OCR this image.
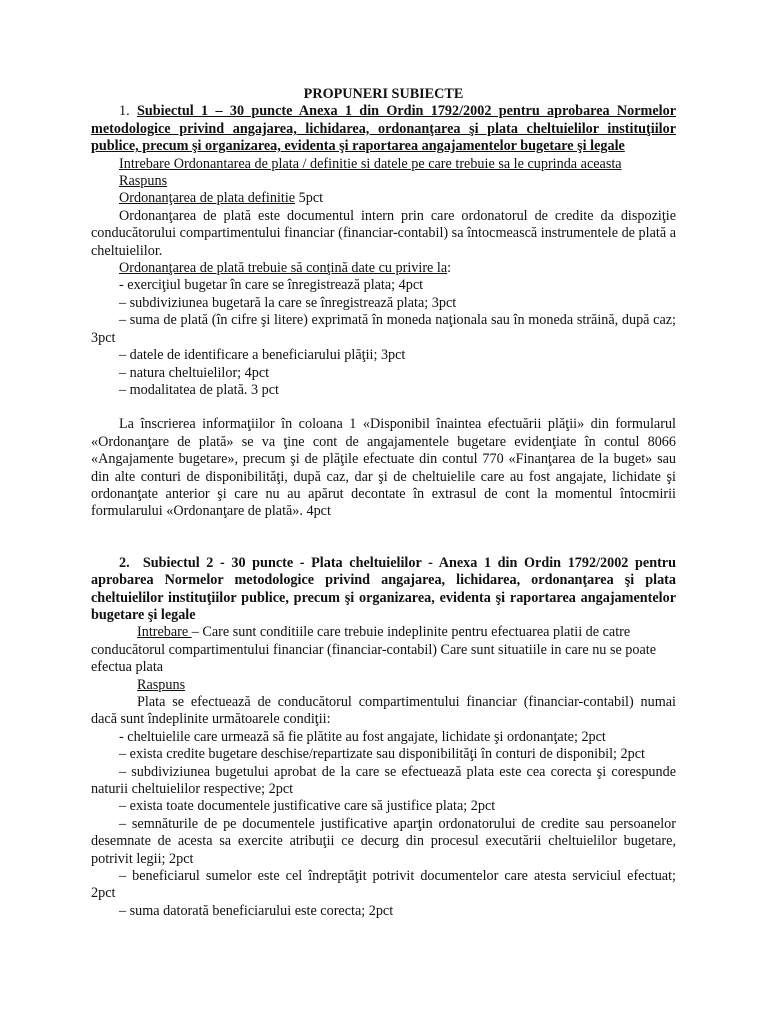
PROPUNERI SUBIECTE

1. Subiectul 1 – 30 puncte Anexa 1 din Ordin 1792/2002 pentru aprobarea Normelor metodologice privind angajarea, lichidarea, ordonanţarea şi plata cheltuielilor instituţiilor publice, precum şi organizarea, evidenta şi raportarea angajamentelor bugetare şi legale

Intrebare Ordonantarea de plata / definitie si datele pe care trebuie sa le cuprinda aceasta

Raspuns

Ordonanţarea de plata definitie 5pct

Ordonanţarea de plată este documentul intern prin care ordonatorul de credite da dispoziţie conducătorului compartimentului financiar (financiar-contabil) sa întocmească instrumentele de plată a cheltuielilor.

Ordonanţarea de plată trebuie să conţină date cu privire la:

- exerciţiul bugetar în care se înregistrează plata; 4pct

– subdiviziunea bugetară la care se înregistrează plata; 3pct

– suma de plată (în cifre şi litere) exprimată în moneda naţionala sau în moneda străină, după caz; 3pct

– datele de identificare a beneficiarului plăţii; 3pct

– natura cheltuielilor; 4pct

– modalitatea de plată. 3 pct

La înscrierea informaţiilor în coloana 1 «Disponibil înaintea efectuării plăţii» din formularul «Ordonanţare de plată» se va ţine cont de angajamentele bugetare evidenţiate în contul 8066 «Angajamente bugetare», precum şi de plăţile efectuate din contul 770 «Finanţarea de la buget» sau din alte conturi de disponibilităţi, după caz, dar şi de cheltuielile care au fost angajate, lichidate şi ordonanţate anterior şi care nu au apărut decontate în extrasul de cont la momentul întocmirii formularului «Ordonanţare de plată». 4pct

2. Subiectul 2 - 30 puncte - Plata cheltuielilor - Anexa 1 din Ordin 1792/2002 pentru aprobarea Normelor metodologice privind angajarea, lichidarea, ordonanţarea şi plata cheltuielilor instituţiilor publice, precum şi organizarea, evidenta şi raportarea angajamentelor bugetare şi legale

Intrebare – Care sunt conditiile care trebuie indeplinite pentru efectuarea platii de catre conducătorul compartimentului financiar (financiar-contabil) Care sunt situatiile in care nu se poate efectua plata

Raspuns

Plata se efectuează de conducătorul compartimentului financiar (financiar-contabil) numai dacă sunt îndeplinite următoarele condiţii:

- cheltuielile care urmează să fie plătite au fost angajate, lichidate şi ordonanţate; 2pct

– exista credite bugetare deschise/repartizate sau disponibilităţi în conturi de disponibil; 2pct

– subdiviziunea bugetului aprobat de la care se efectuează plata este cea corecta şi corespunde naturii cheltuielilor respective; 2pct

– exista toate documentele justificative care să justifice plata; 2pct

– semnăturile de pe documentele justificative aparţin ordonatorului de credite sau persoanelor desemnate de acesta sa exercite atribuţii ce decurg din procesul executării cheltuielilor bugetare, potrivit legii; 2pct

– beneficiarul sumelor este cel îndreptăţit potrivit documentelor care atesta serviciul efectuat; 2pct

– suma datorată beneficiarului este corecta; 2pct
